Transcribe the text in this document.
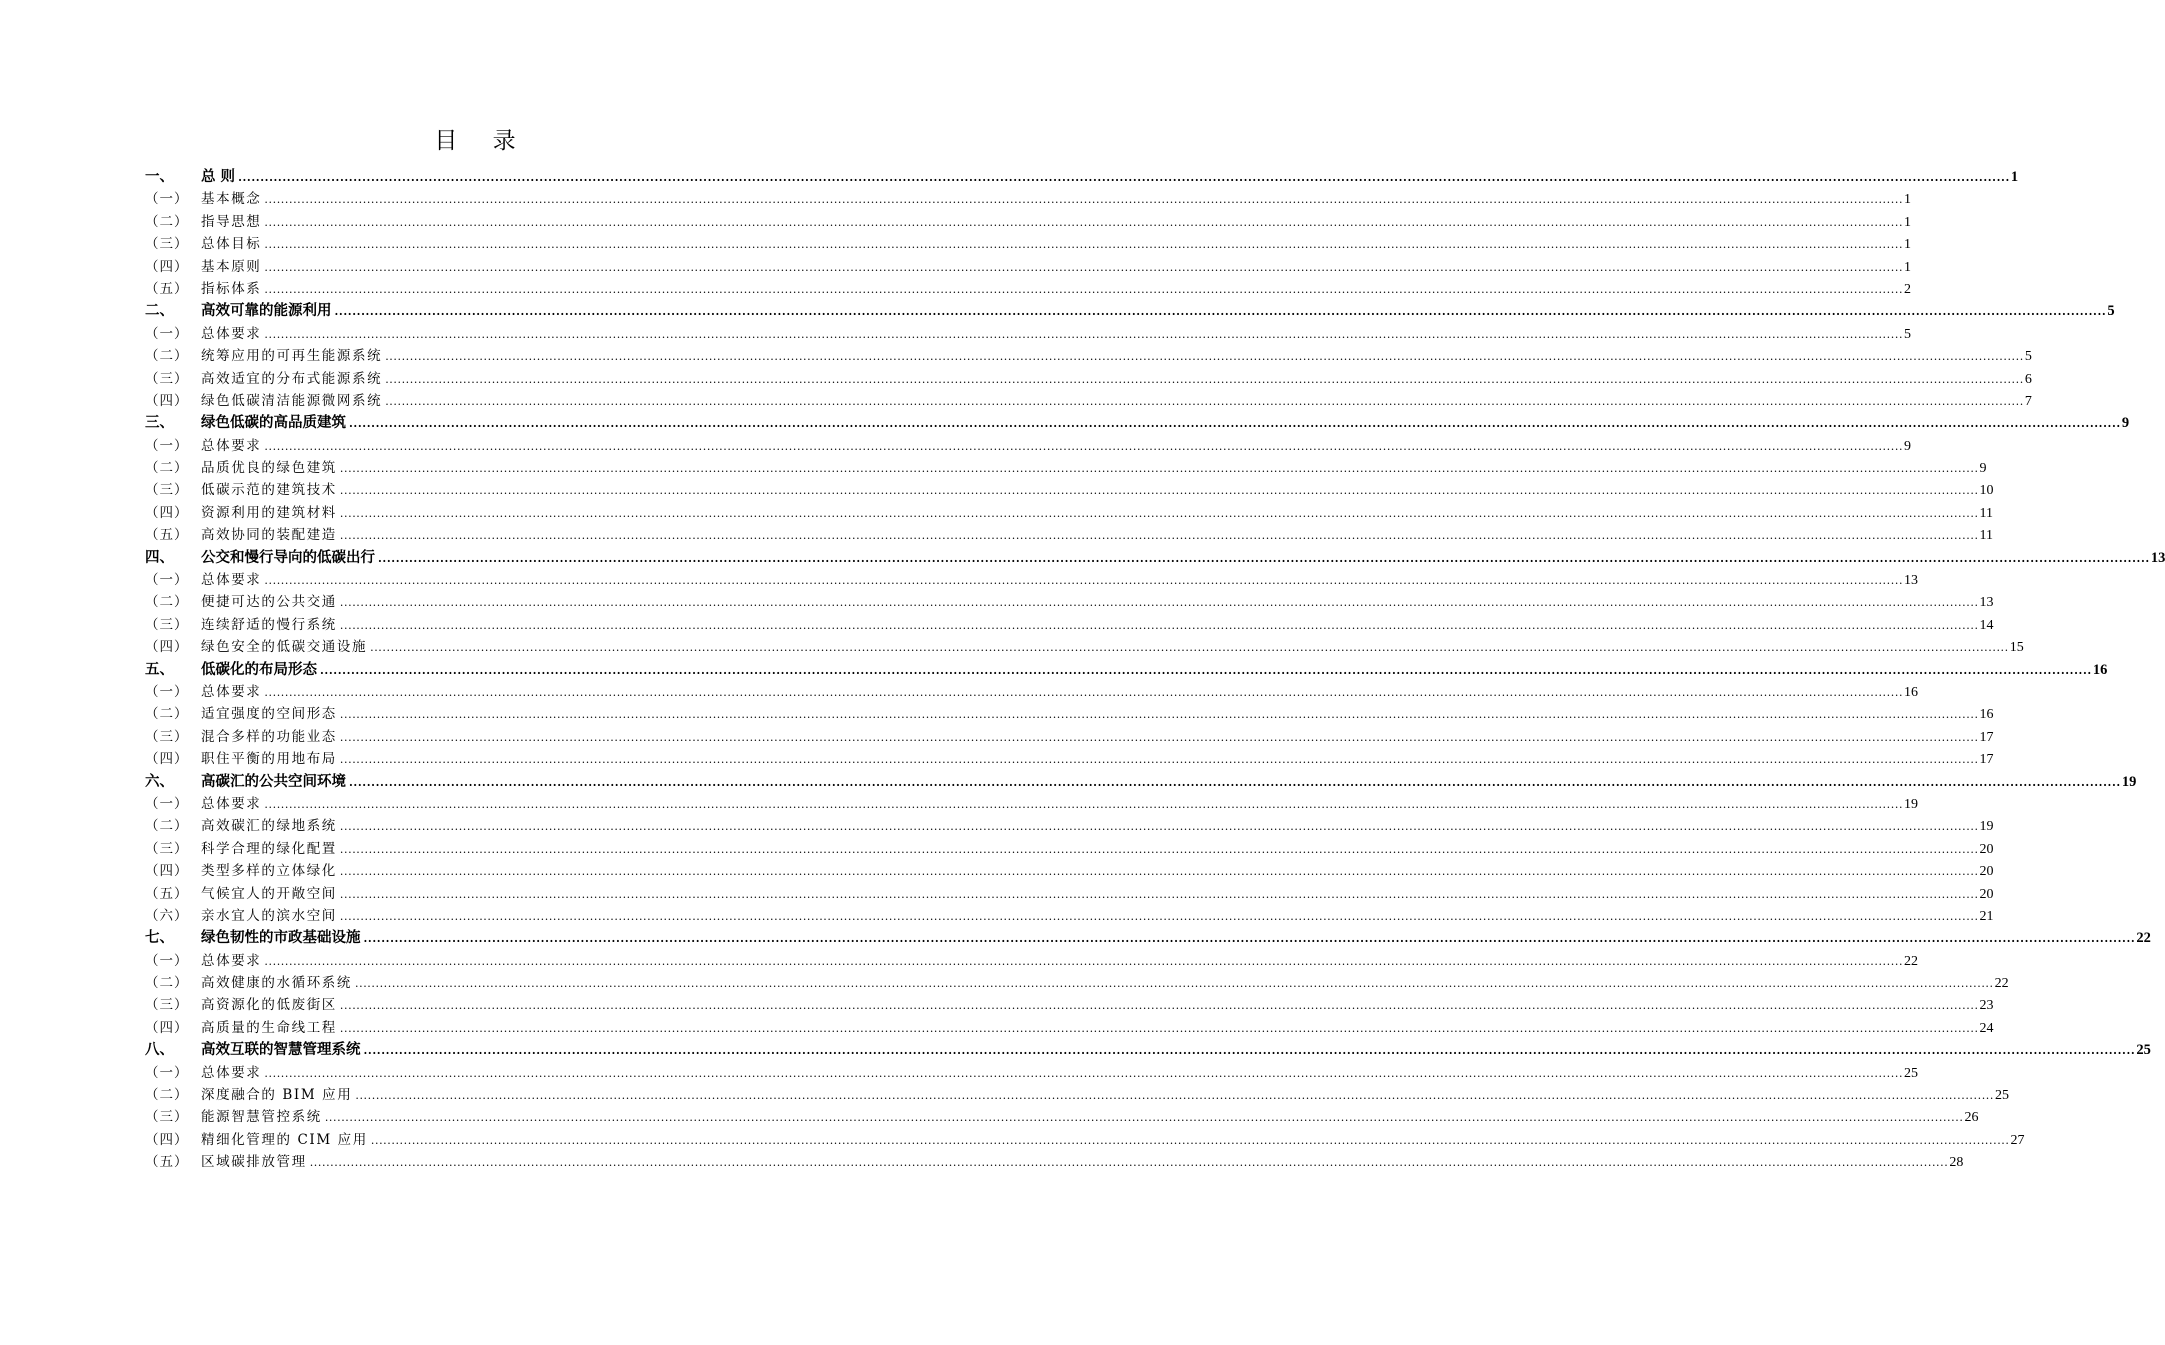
目 录
一、	总 则 ................................................................................................................................................................................................................................................................................................................................................................................................................ 1
（一） 基本概念 ................................................................................................................................................................................................................................................................................................................................................................................................................ 1
（二） 指导思想 ................................................................................................................................................................................................................................................................................................................................................................................................................ 1
（三） 总体目标 ................................................................................................................................................................................................................................................................................................................................................................................................................ 1
（四） 基本原则 ................................................................................................................................................................................................................................................................................................................................................................................................................ 1
（五） 指标体系 ................................................................................................................................................................................................................................................................................................................................................................................................................ 2
二、	高效可靠的能源利用 ................................................................................................................................................................................................................................................................................................................................................................................................................ 5
（一） 总体要求 ................................................................................................................................................................................................................................................................................................................................................................................................................ 5
（二） 统筹应用的可再生能源系统 ................................................................................................................................................................................................................................................................................................................................................................................................................ 5
（三） 高效适宜的分布式能源系统 ................................................................................................................................................................................................................................................................................................................................................................................................................ 6
（四） 绿色低碳清洁能源微网系统 ................................................................................................................................................................................................................................................................................................................................................................................................................ 7
三、	绿色低碳的高品质建筑 ................................................................................................................................................................................................................................................................................................................................................................................................................ 9
（一） 总体要求 ................................................................................................................................................................................................................................................................................................................................................................................................................ 9
（二） 品质优良的绿色建筑 ................................................................................................................................................................................................................................................................................................................................................................................................................ 9
（三） 低碳示范的建筑技术 ................................................................................................................................................................................................................................................................................................................................................................................................................ 10
（四） 资源利用的建筑材料 ................................................................................................................................................................................................................................................................................................................................................................................................................ 11
（五） 高效协同的装配建造 ................................................................................................................................................................................................................................................................................................................................................................................................................ 11
四、	公交和慢行导向的低碳出行 ................................................................................................................................................................................................................................................................................................................................................................................................................ 13
（一） 总体要求 ................................................................................................................................................................................................................................................................................................................................................................................................................ 13
（二） 便捷可达的公共交通 ................................................................................................................................................................................................................................................................................................................................................................................................................ 13
（三） 连续舒适的慢行系统 ................................................................................................................................................................................................................................................................................................................................................................................................................ 14
（四） 绿色安全的低碳交通设施 ................................................................................................................................................................................................................................................................................................................................................................................................................ 15
五、	低碳化的布局形态 ................................................................................................................................................................................................................................................................................................................................................................................................................ 16
（一） 总体要求 ................................................................................................................................................................................................................................................................................................................................................................................................................ 16
（二） 适宜强度的空间形态 ................................................................................................................................................................................................................................................................................................................................................................................................................ 16
（三） 混合多样的功能业态 ................................................................................................................................................................................................................................................................................................................................................................................................................ 17
（四） 职住平衡的用地布局 ................................................................................................................................................................................................................................................................................................................................................................................................................ 17
六、	高碳汇的公共空间环境 ................................................................................................................................................................................................................................................................................................................................................................................................................ 19
（一） 总体要求 ................................................................................................................................................................................................................................................................................................................................................................................................................ 19
（二） 高效碳汇的绿地系统 ................................................................................................................................................................................................................................................................................................................................................................................................................ 19
（三） 科学合理的绿化配置 ................................................................................................................................................................................................................................................................................................................................................................................................................ 20
（四） 类型多样的立体绿化 ................................................................................................................................................................................................................................................................................................................................................................................................................ 20
（五） 气候宜人的开敞空间 ................................................................................................................................................................................................................................................................................................................................................................................................................ 20
（六） 亲水宜人的滨水空间 ................................................................................................................................................................................................................................................................................................................................................................................................................ 21
七、	绿色韧性的市政基础设施 ................................................................................................................................................................................................................................................................................................................................................................................................................ 22
（一） 总体要求 ................................................................................................................................................................................................................................................................................................................................................................................................................ 22
（二） 高效健康的水循环系统 ................................................................................................................................................................................................................................................................................................................................................................................................................ 22
（三） 高资源化的低废街区 ................................................................................................................................................................................................................................................................................................................................................................................................................ 23
（四） 高质量的生命线工程 ................................................................................................................................................................................................................................................................................................................................................................................................................ 24
八、	高效互联的智慧管理系统 ................................................................................................................................................................................................................................................................................................................................................................................................................ 25
（一） 总体要求 ................................................................................................................................................................................................................................................................................................................................................................................................................ 25
（二） 深度融合的 BIM 应用 ................................................................................................................................................................................................................................................................................................................................................................................................................ 25
（三） 能源智慧管控系统 ................................................................................................................................................................................................................................................................................................................................................................................................................ 26
（四） 精细化管理的 CIM 应用 ................................................................................................................................................................................................................................................................................................................................................................................................................ 27
（五） 区域碳排放管理 ................................................................................................................................................................................................................................................................................................................................................................................................................ 28
